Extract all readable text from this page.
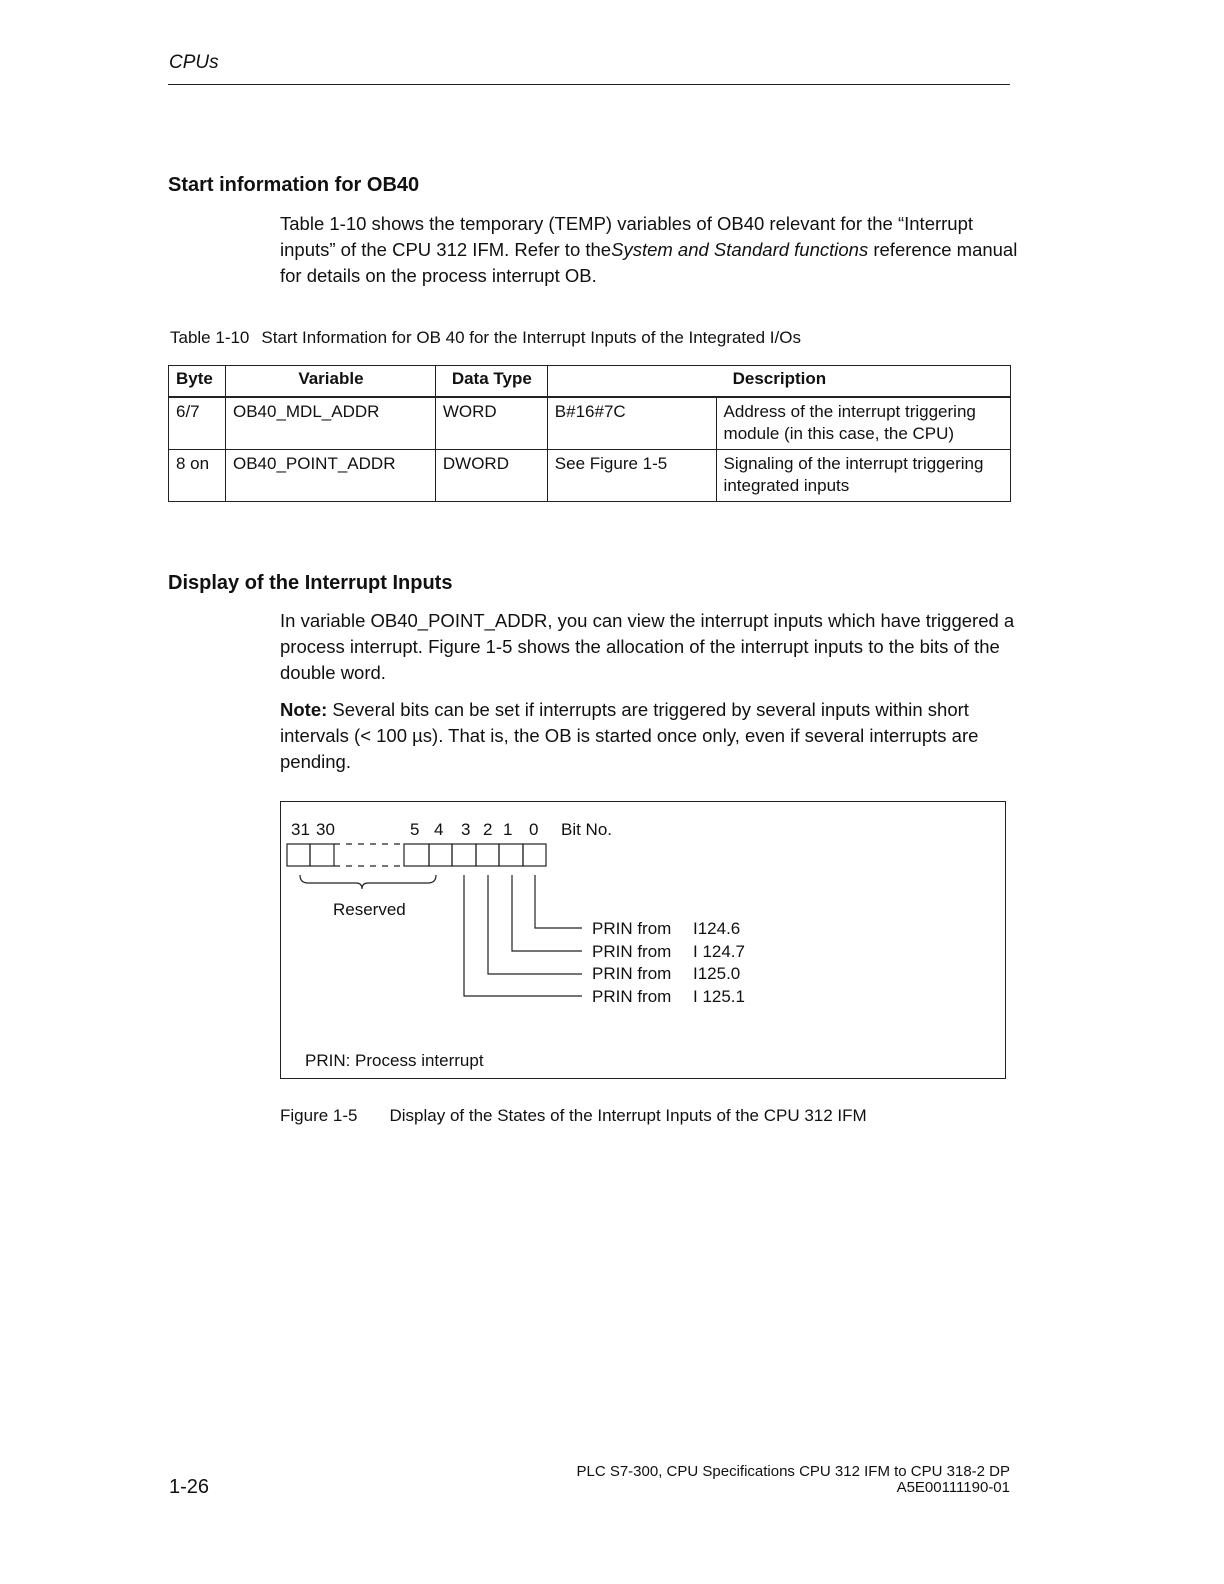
CPUs
Start information for OB40
Table 1-10 shows the temporary (TEMP) variables of OB40 relevant for the “Interrupt inputs” of the CPU 312 IFM. Refer to theSystem and Standard functions reference manual for details on the process interrupt OB.
Table 1-10 Start Information for OB 40 for the Interrupt Inputs of the Integrated I/Os
Byte	Variable	Data Type	Description	
6/7	OB40_MDL_ADDR	WORD	B#16#7C	Address of the interrupt triggering module (in this case, the CPU)
8 on	OB40_POINT_ADDR	DWORD	See Figure 1-5	Signaling of the interrupt triggering integrated inputs
Display of the Interrupt Inputs
In variable OB40_POINT_ADDR, you can view the interrupt inputs which have triggered a process interrupt. Figure 1-5 shows the allocation of the interrupt inputs to the bits of the double word.
Note: Several bits can be set if interrupts are triggered by several inputs within short intervals (< 100 µs). That is, the OB is started once only, even if several interrupts are pending.
31 30	5 4 3 2 1 0 Bit No.
Reserved
PRIN from I124.6
PRIN from I 124.7
PRIN from I125.0
PRIN from I 125.1
PRIN: Process interrupt
Figure 1-5 Display of the States of the Interrupt Inputs of the CPU 312 IFM
1-26
PLC S7-300, CPU Specifications CPU 312 IFM to CPU 318-2 DP
A5E00111190-01
